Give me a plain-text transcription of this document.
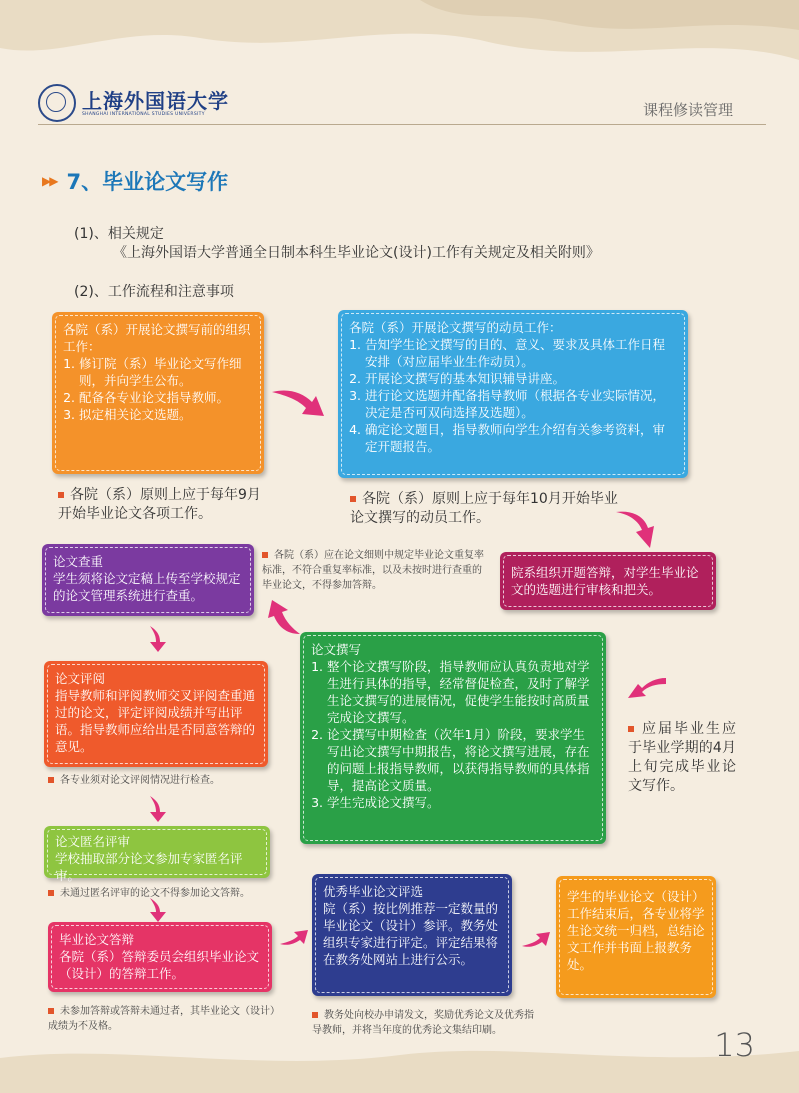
上海外国语大学
SHANGHAI INTERNATIONAL STUDIES UNIVERSITY	课程修读管理
▶▶ 7、毕业论文写作
(1)、相关规定
《上海外国语大学普通全日制本科生毕业论文(设计)工作有关规定及相关附则》
(2)、工作流程和注意事项
各院（系）开展论文撰写前的组织工作：
1. 修订院（系）毕业论文写作细则，并向学生公布。
2. 配备各专业论文指导教师。
3. 拟定相关论文选题。
各院（系）原则上应于每年9月开始毕业论文各项工作。
各院（系）开展论文撰写的动员工作：
1. 告知学生论文撰写的目的、意义、要求及具体工作日程安排（对应届毕业生作动员）。
2. 开展论文撰写的基本知识辅导讲座。
3. 进行论文选题并配备指导教师（根据各专业实际情况，决定是否可双向选择及选题）。
4. 确定论文题目，指导教师向学生介绍有关参考资料，审定开题报告。
各院（系）原则上应于每年10月开始毕业论文撰写的动员工作。
论文查重
学生须将论文定稿上传至学校规定的论文管理系统进行查重。
各院（系）应在论文细则中规定毕业论文重复率标准，不符合重复率标准，以及未按时进行查重的毕业论文，不得参加答辩。
院系组织开题答辩，对学生毕业论文的选题进行审核和把关。
论文评阅
指导教师和评阅教师交叉评阅查重通过的论文，评定评阅成绩并写出评语。指导教师应给出是否同意答辩的意见。
各专业须对论文评阅情况进行检查。
论文撰写
1. 整个论文撰写阶段，指导教师应认真负责地对学生进行具体的指导，经常督促检查，及时了解学生论文撰写的进展情况，促使学生能按时高质量完成论文撰写。
2. 论文撰写中期检查（次年1月）阶段，要求学生写出论文撰写中期报告，将论文撰写进展，存在的问题上报指导教师，以获得指导教师的具体指导，提高论文质量。
3. 学生完成论文撰写。
应届毕业生应于毕业学期的4月上旬完成毕业论文写作。
论文匿名评审
学校抽取部分论文参加专家匿名评审。
未通过匿名评审的论文不得参加论文答辩。
毕业论文答辩
各院（系）答辩委员会组织毕业论文（设计）的答辩工作。
未参加答辩或答辩未通过者，其毕业论文（设计）成绩为不及格。
优秀毕业论文评选
院（系）按比例推荐一定数量的毕业论文（设计）参评。教务处组织专家进行评定。评定结果将在教务处网站上进行公示。
教务处向校办申请发文，奖励优秀论文及优秀指导教师，并将当年度的优秀论文集结印刷。
学生的毕业论文（设计）工作结束后，各专业将学生论文统一归档，总结论文工作并书面上报教务处。
13
